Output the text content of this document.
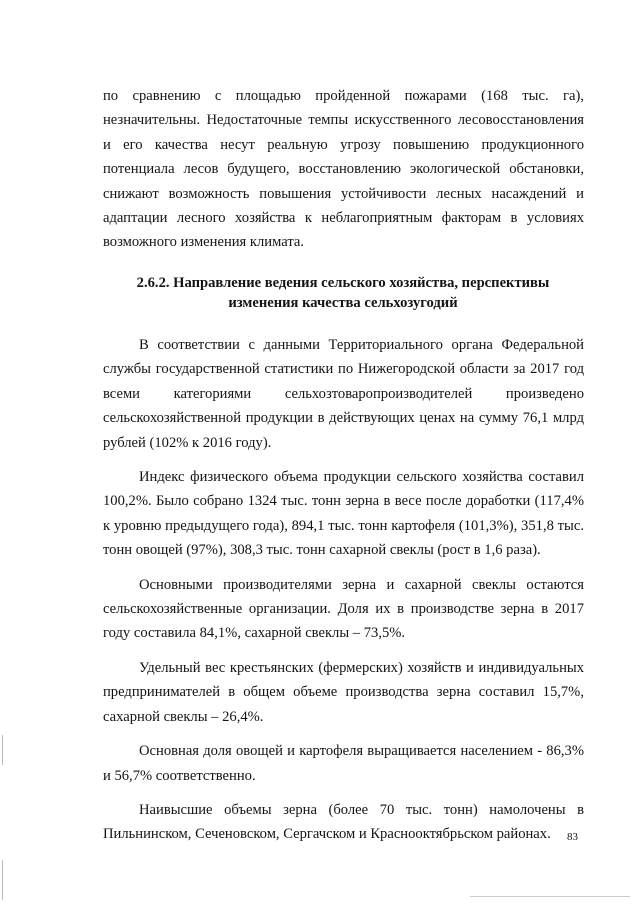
по сравнению с площадью пройденной пожарами (168 тыс. га), незначительны. Недостаточные темпы искусственного лесовосстановления и его качества несут реальную угрозу повышению продукционного потенциала лесов будущего, восстановлению экологической обстановки, снижают возможность повышения устойчивости лесных насаждений и адаптации лесного хозяйства к неблагоприятным факторам в условиях возможного изменения климата.

2.6.2. Направление ведения сельского хозяйства, перспективы
изменения качества сельхозугодий

В соответствии с данными Территориального органа Федеральной службы государственной статистики по Нижегородской области за 2017 год всеми категориями сельхозтоваропроизводителей произведено сельскохозяйственной продукции в действующих ценах на сумму 76,1 млрд рублей (102% к 2016 году).

Индекс физического объема продукции сельского хозяйства составил 100,2%. Было собрано 1324 тыс. тонн зерна в весе после доработки (117,4% к уровню предыдущего года), 894,1 тыс. тонн картофеля (101,3%), 351,8 тыс. тонн овощей (97%), 308,3 тыс. тонн сахарной свеклы (рост в 1,6 раза).

Основными производителями зерна и сахарной свеклы остаются сельскохозяйственные организации. Доля их в производстве зерна в 2017 году составила 84,1%, сахарной свеклы – 73,5%.

Удельный вес крестьянских (фермерских) хозяйств и индивидуальных предпринимателей в общем объеме производства зерна составил 15,7%, сахарной свеклы – 26,4%.

Основная доля овощей и картофеля выращивается населением - 86,3% и 56,7% соответственно.

Наивысшие объемы зерна (более 70 тыс. тонн) намолочены в Пильнинском, Сеченовском, Сергачском и Краснооктябрьском районах.	83
